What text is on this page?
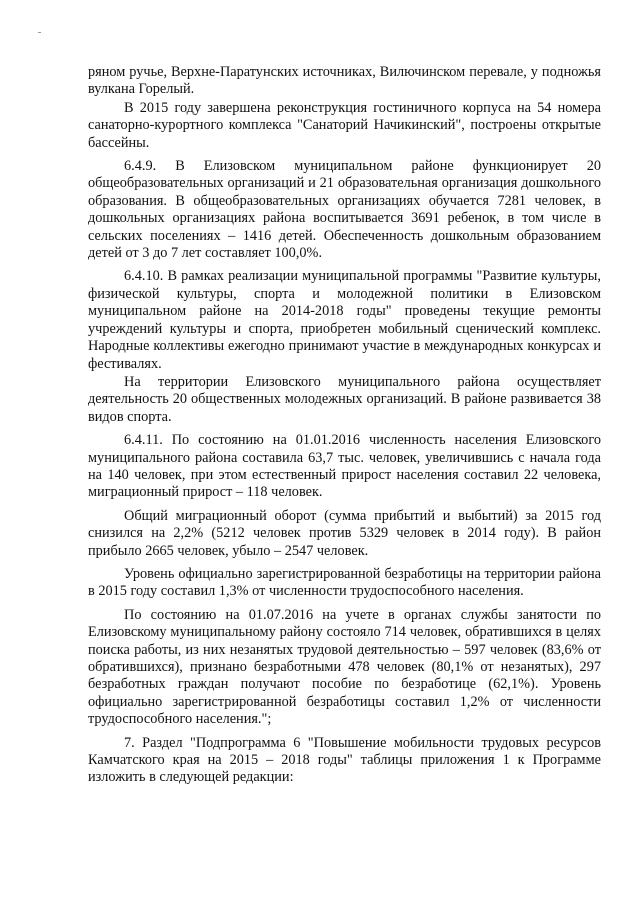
ряном ручье, Верхне-Паратунских источниках, Вилючинском перевале, у подножья вулкана Горелый.

В 2015 году завершена реконструкция гостиничного корпуса на 54 номера санаторно-курортного комплекса "Санаторий Начикинский", построены открытые бассейны.

6.4.9. В Елизовском муниципальном районе функционирует 20 общеобразовательных организаций и 21 образовательная организация дошкольного образования. В общеобразовательных организациях обучается 7281 человек, в дошкольных организациях района воспитывается 3691 ребенок, в том числе в сельских поселениях – 1416 детей. Обеспеченность дошкольным образованием детей от 3 до 7 лет составляет 100,0%.

6.4.10. В рамках реализации муниципальной программы "Развитие культуры, физической культуры, спорта и молодежной политики в Елизовском муниципальном районе на 2014-2018 годы" проведены текущие ремонты учреждений культуры и спорта, приобретен мобильный сценический комплекс. Народные коллективы ежегодно принимают участие в международных конкурсах и фестивалях.

На территории Елизовского муниципального района осуществляет деятельность 20 общественных молодежных организаций. В районе развивается 38 видов спорта.

6.4.11. По состоянию на 01.01.2016 численность населения Елизовского муниципального района составила 63,7 тыс. человек, увеличившись с начала года на 140 человек, при этом естественный прирост населения составил 22 человека, миграционный прирост – 118 человек.

Общий миграционный оборот (сумма прибытий и выбытий) за 2015 год снизился на 2,2% (5212 человек против 5329 человек в 2014 году). В район прибыло 2665 человек, убыло – 2547 человек.

Уровень официально зарегистрированной безработицы на территории района в 2015 году составил 1,3% от численности трудоспособного населения.

По состоянию на 01.07.2016 на учете в органах службы занятости по Елизовскому муниципальному району состояло 714 человек, обратившихся в целях поиска работы, из них незанятых трудовой деятельностью – 597 человек (83,6% от обратившихся), признано безработными 478 человек (80,1% от незанятых), 297 безработных граждан получают пособие по безработице (62,1%). Уровень официально зарегистрированной безработицы составил 1,2% от численности трудоспособного населения.";

7. Раздел "Подпрограмма 6 "Повышение мобильности трудовых ресурсов Камчатского края на 2015 – 2018 годы" таблицы приложения 1 к Программе изложить в следующей редакции:
